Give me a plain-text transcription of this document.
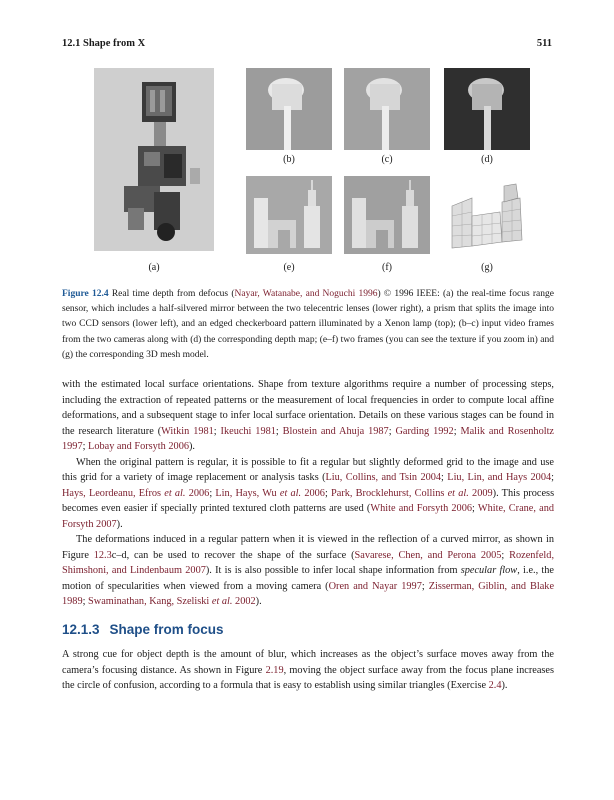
12.1 Shape from X	511
(a)
(b)	(c)	(d)
(e)	(f)	(g)
Figure 12.4 Real time depth from defocus (Nayar, Watanabe, and Noguchi 1996) © 1996 IEEE: (a) the real-time focus range sensor, which includes a half-silvered mirror between the two telecentric lenses (lower right), a prism that splits the image into two CCD sensors (lower left), and an edged checkerboard pattern illuminated by a Xenon lamp (top); (b–c) input video frames from the two cameras along with (d) the corresponding depth map; (e–f) two frames (you can see the texture if you zoom in) and (g) the corresponding 3D mesh model.

with the estimated local surface orientations. Shape from texture algorithms require a number of processing steps, including the extraction of repeated patterns or the measurement of local frequencies in order to compute local affine deformations, and a subsequent stage to infer local surface orientation. Details on these various stages can be found in the research literature (Witkin 1981; Ikeuchi 1981; Blostein and Ahuja 1987; Garding 1992; Malik and Rosenholtz 1997; Lobay and Forsyth 2006).

When the original pattern is regular, it is possible to fit a regular but slightly deformed grid to the image and use this grid for a variety of image replacement or analysis tasks (Liu, Collins, and Tsin 2004; Liu, Lin, and Hays 2004; Hays, Leordeanu, Efros et al. 2006; Lin, Hays, Wu et al. 2006; Park, Brocklehurst, Collins et al. 2009). This process becomes even easier if specially printed textured cloth patterns are used (White and Forsyth 2006; White, Crane, and Forsyth 2007).

The deformations induced in a regular pattern when it is viewed in the reflection of a curved mirror, as shown in Figure 12.3c–d, can be used to recover the shape of the surface (Savarese, Chen, and Perona 2005; Rozenfeld, Shimshoni, and Lindenbaum 2007). It is is also possible to infer local shape information from specular flow, i.e., the motion of specularities when viewed from a moving camera (Oren and Nayar 1997; Zisserman, Giblin, and Blake 1989; Swaminathan, Kang, Szeliski et al. 2002).

12.1.3 Shape from focus

A strong cue for object depth is the amount of blur, which increases as the object’s surface moves away from the camera’s focusing distance. As shown in Figure 2.19, moving the object surface away from the focus plane increases the circle of confusion, according to a formula that is easy to establish using similar triangles (Exercise 2.4).
